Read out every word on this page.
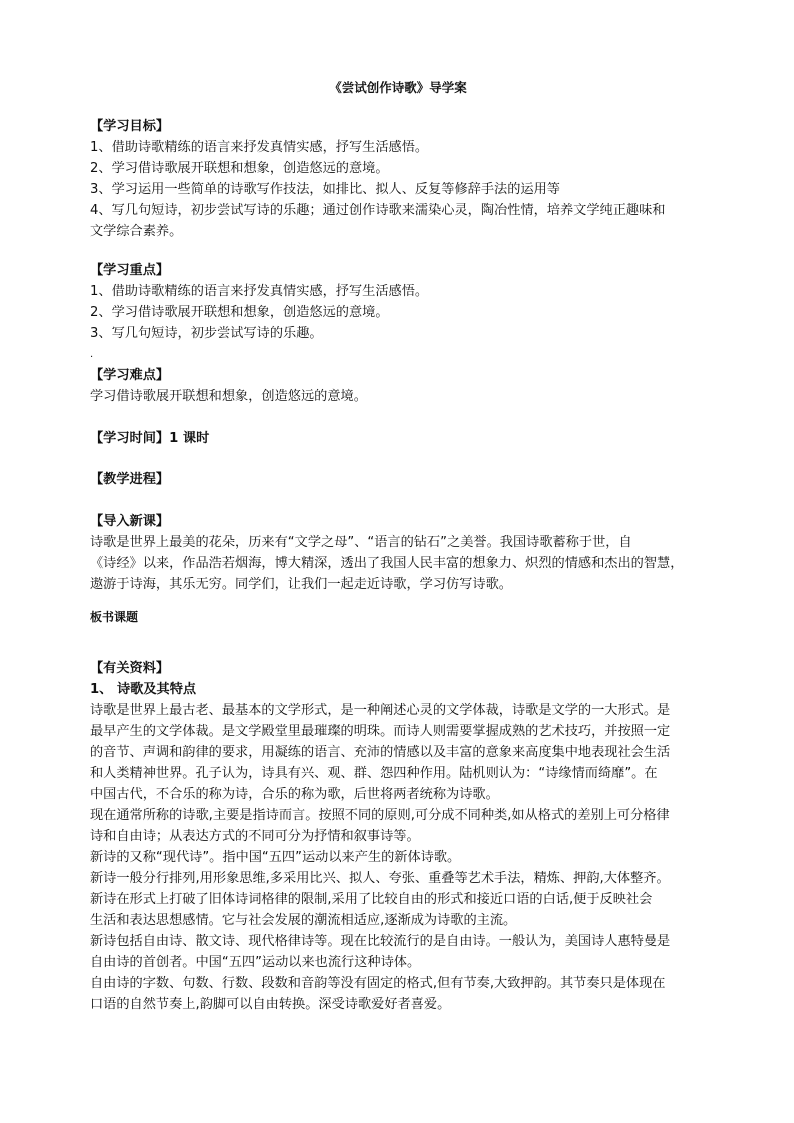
《尝试创作诗歌》导学案
【学习目标】
1、借助诗歌精练的语言来抒发真情实感，抒写生活感悟。
2、学习借诗歌展开联想和想象，创造悠远的意境。
3、学习运用一些简单的诗歌写作技法，如排比、拟人、反复等修辞手法的运用等
4、写几句短诗，初步尝试写诗的乐趣；通过创作诗歌来濡染心灵，陶冶性情，培养文学纯正趣味和
文学综合素养。
【学习重点】
1、借助诗歌精练的语言来抒发真情实感，抒写生活感悟。
2、学习借诗歌展开联想和想象，创造悠远的意境。
3、写几句短诗，初步尝试写诗的乐趣。
.
【学习难点】
学习借诗歌展开联想和想象，创造悠远的意境。
【学习时间】1 课时
【教学进程】
【导入新课】
诗歌是世界上最美的花朵，历来有“文学之母”、“语言的钻石”之美誉。我国诗歌蓄称于世，自
《诗经》以来，作品浩若烟海，博大精深，透出了我国人民丰富的想象力、炽烈的情感和杰出的智慧，
遨游于诗海，其乐无穷。同学们，让我们一起走近诗歌，学习仿写诗歌。
板书课题
【有关资料】
1、 诗歌及其特点
诗歌是世界上最古老、最基本的文学形式，是一种阐述心灵的文学体裁，诗歌是文学的一大形式。是
最早产生的文学体裁。是文学殿堂里最璀璨的明珠。而诗人则需要掌握成熟的艺术技巧，并按照一定
的音节、声调和韵律的要求，用凝练的语言、充沛的情感以及丰富的意象来高度集中地表现社会生活
和人类精神世界。孔子认为，诗具有兴、观、群、怨四种作用。陆机则认为：“诗缘情而绮靡”。在
中国古代，不合乐的称为诗，合乐的称为歌，后世将两者统称为诗歌。
现在通常所称的诗歌,主要是指诗而言。按照不同的原则,可分成不同种类,如从格式的差别上可分格律
诗和自由诗；从表达方式的不同可分为抒情和叙事诗等。
新诗的又称“现代诗”。指中国“五四”运动以来产生的新体诗歌。
新诗一般分行排列,用形象思维,多采用比兴、拟人、夸张、重叠等艺术手法，精炼、押韵,大体整齐。
新诗在形式上打破了旧体诗词格律的限制,采用了比较自由的形式和接近口语的白话,便于反映社会
生活和表达思想感情。它与社会发展的潮流相适应,逐渐成为诗歌的主流。
新诗包括自由诗、散文诗、现代格律诗等。现在比较流行的是自由诗。一般认为，美国诗人惠特曼是
自由诗的首创者。中国“五四”运动以来也流行这种诗体。
自由诗的字数、句数、行数、段数和音韵等没有固定的格式,但有节奏,大致押韵。其节奏只是体现在
口语的自然节奏上,韵脚可以自由转换。深受诗歌爱好者喜爱。
